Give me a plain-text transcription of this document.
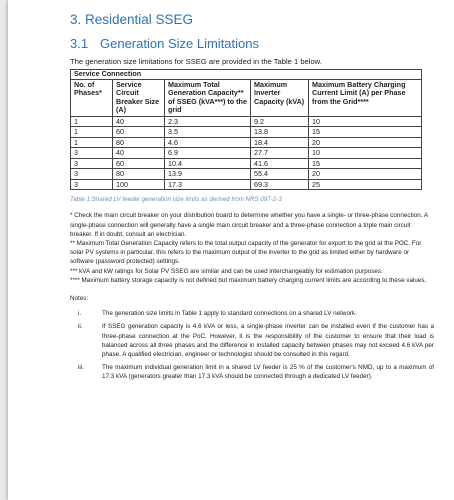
3. Residential SSEG
3.1 Generation Size Limitations

The generation size limitations for SSEG are provided in the Table 1 below.

Service Connection				
No. of Phases*	Service Circuit Breaker Size (A)	Maximum Total Generation Capacity** of SSEG (kVA***) to the grid	Maximum Inverter Capacity (kVA)	Maximum Battery Charging Current Limit (A) per Phase from the Grid****
1	40	2.3	9.2	10
1	60	3.5	13.8	15
1	80	4.6	18.4	20
3	40	6.9	27.7	10
3	60	10.4	41.6	15
3	80	13.9	55.4	20
3	100	17.3	69.3	25

Table 1:Shared LV feeder generation size limits as derived from NRS 097-2-3

* Check the main circuit breaker on your distribution board to determine whether you have a single- or three-phase connection. A single-phase connection will generally have a single main circuit breaker and a three-phase connection a triple main circuit breaker. If in doubt, consult an electrician.

** Maximum Total Generation Capacity refers to the total output capacity of the generator for export to the grid at the POC. For solar PV systems in particular, this refers to the maximum output of the inverter to the grid as limited either by hardware or software (password protected) settings.

*** kVA and kW ratings for Solar PV SSEG are similar and can be used interchangeably for estimation purposes.

**** Maximum battery storage capacity is not defined but maximum battery charging current limits are according to these values.

Notes:

i.	The generation size limits in Table 1 apply to standard connections on a shared LV network.
ii.	If SSEG generation capacity is 4.6 kVA or less, a single-phase inverter can be installed even if the customer has a three-phase connection at the PoC. However, it is the responsibility of the customer to ensure that their load is balanced across all three phases and the difference in installed capacity between phases may not exceed 4.6 kVA per phase. A qualified electrician, engineer or technologist should be consulted in this regard.
iii.	The maximum individual generation limit in a shared LV feeder is 25 % of the customer's NMD, up to a maximum of 17.3 kVA (generators greater than 17.3 kVA should be connected through a dedicated LV feeder).
